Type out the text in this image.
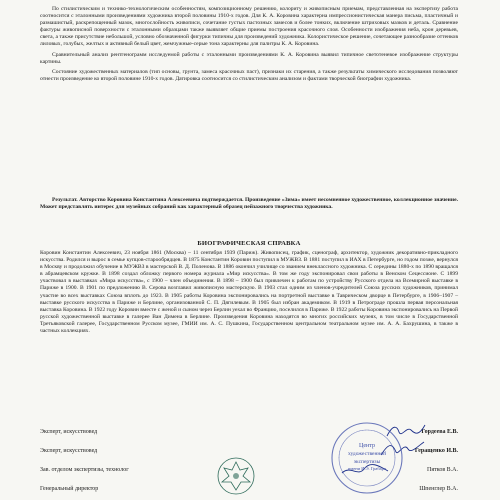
По стилистическим и технико-технологическим особенностям, композиционному решению, колориту и живописным приемам, представленная на экспертизу работа соотносится с эталонными произведениями художника второй половины 1910-х годов. Для К. А. Коровина характерна импрессионистическая манера письма, пластичный и размашистый, раскрепощенный мазок, многослойность живописи, сочетание густых пастозных замесов и более тонких, включение штриховых мазков и деталь. Сравнение фактуры живописной поверхности с эталонными образцами также выявляет общие приемы построения красочного слоя. Особенности изображения неба, крон деревьев, света, а также присутствие небольшой, условно обозначенной фигурки типичны для произведений художника. Колористическое решение, сочетающее разнообразие оттенков лиловых, голубых, желтых и активный белый цвет, жемчужные-серые тона характерны для палитры К. А. Коровина.

Сравнительный анализ рентгенограмм исследуемой работы с эталонными произведениями К. А. Коровина выявил типичное светотеневое изображение структуры картины.

Состояние художественных материалов (тип основы, грунта, замеса красочных паст), признаки их старения, а также результаты химического исследования позволяют отнести произведение ко второй половине 1910-х годов. Датировка соотносится со стилистическим анализом и фактами творческой биографии художника.

Результат. Авторство Коровина Константина Алексеевича подтверждается. Произведение «Зима» имеет несомненное художественное, коллекционное значение. Может представлять интерес для музейных собраний как характерный образец пейзажного творчества художника.

БИОГРАФИЧЕСКАЯ СПРАВКА

Коровин Константин Алексеевич, 23 ноября 1861 (Москва) – 11 сентября 1939 (Париж). Живописец, график, сценограф, архитектор, художник декоративно-прикладного искусства. Родился и вырос в семье купцов-старообрядцев. В 1875 Константин Коровин поступил в МУЖВЗ. В 1881 поступил в ИАХ в Петербурге, но годом позже, вернулся в Москву и продолжил обучение в МУЖВЗ в мастерской В. Д. Поленова. В 1886 окончил училище со званием внеклассного художника. С середины 1880-х по 1890 вращался в абрамцевском кружке. В 1898 создал обложку первого номера журнала «Мир искусства». В том же году экспонировал свои работы в Венском Сецессионе. С 1899 участвовал в выставках «Мира искусства», с 1900 – член объединения. В 1898 – 1900 был привлечен к работам по устройству Русского отдела на Всемирной выставке в Париже в 1900. В 1901 по предложению В. Серова возглавил живописную мастерскую. В 1903 стал одним из членов-учредителей Союза русских художников, принимал участие во всех выставках Союза вплоть до 1923. В 1905 работы Коровина экспонировались на портретной выставке в Таврическом дворце в Петербурге, в 1906–1907 – выставке русского искусства в Париже и Берлине, организованной С. П. Дягилевым. В 1905 был избран академиком. В 1919 в Петрограде прошла первая персональная выставка Коровина. В 1922 году Коровин вместе с женой и сыном через Берлин уехал во Францию, поселился в Париже. В 1922 работы Коровина экспонировались на Первой русской художественной выставке в галерее Ван Димена в Берлине. Произведения Коровина находятся во многих российских музеях, в том числе в Государственной Третьяковской галерее, Государственном Русском музее, ГМИИ им. А. С. Пушкина, Государственном центральном театральном музее им. А. А. Бахрушина, в также в частных коллекциях.

Эксперт, искусствовед	Гордеева Е.В.
Эксперт, искусствовед	Геращенко И.В.
Зав. отделом экспертизы, технолог	Пятков В.А.
Генеральный директор	Шпенглер В.А.
Центр
художественной
экспертизы
имени И.Э. Грабаря
